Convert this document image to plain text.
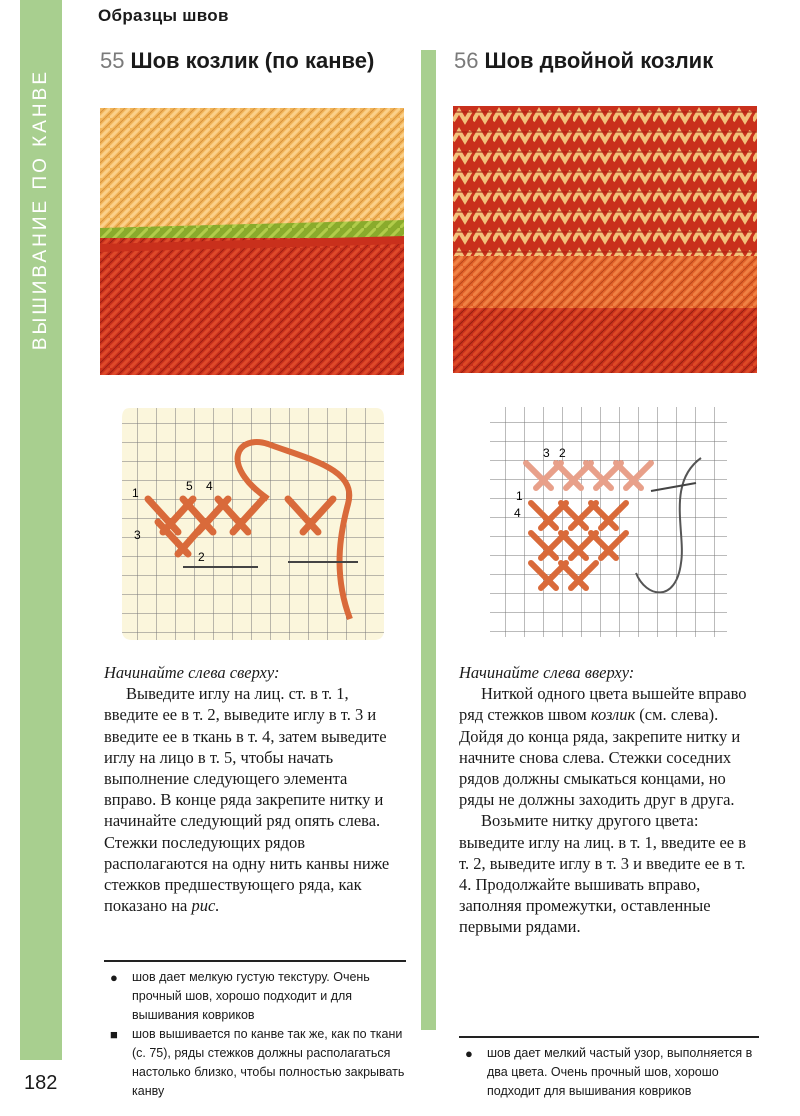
ВЫШИВАНИЕ ПО КАНВЕ
Образцы швов
55 Шов козлик (по канве)	56 Шов двойной козлик
1
2
3
4
5
3 2
1
4

Начинайте слева сверху:
Выведите иглу на лиц. ст. в т. 1, введите ее в т. 2, выведите иглу в т. 3 и введите ее в ткань в т. 4, затем выведите иглу на лицо в т. 5, чтобы начать выполнение следующего элемента вправо. В конце ряда закрепите нитку и начинайте следующий ряд опять слева. Стежки последующих рядов располагаются на одну нить канвы ниже стежков предшествующего ряда, как показано на рис.

Начинайте слева вверху:
Ниткой одного цвета вышейте вправо ряд стежков швом козлик (см. слева). Дойдя до конца ряда, закрепите нитку и начните снова слева. Стежки соседних рядов должны смыкаться концами, но ряды не должны заходить друг в друга.
Возьмите нитку другого цвета: выведите иглу на лиц. в т. 1, введите ее в т. 2, выведите иглу в т. 3 и введите ее в т. 4. Продолжайте вышивать вправо, заполняя промежутки, оставленные первыми рядами.

● шов дает мелкую густую текстуру. Очень прочный шов, хорошо подходит и для вышивания ковриков
■ шов вышивается по канве так же, как по ткани (с. 75), ряды стежков должны располагаться настолько близко, чтобы полностью закрывать канву
● шов дает мелкий частый узор, выполняется в два цвета. Очень прочный шов, хорошо подходит для вышивания ковриков
182
